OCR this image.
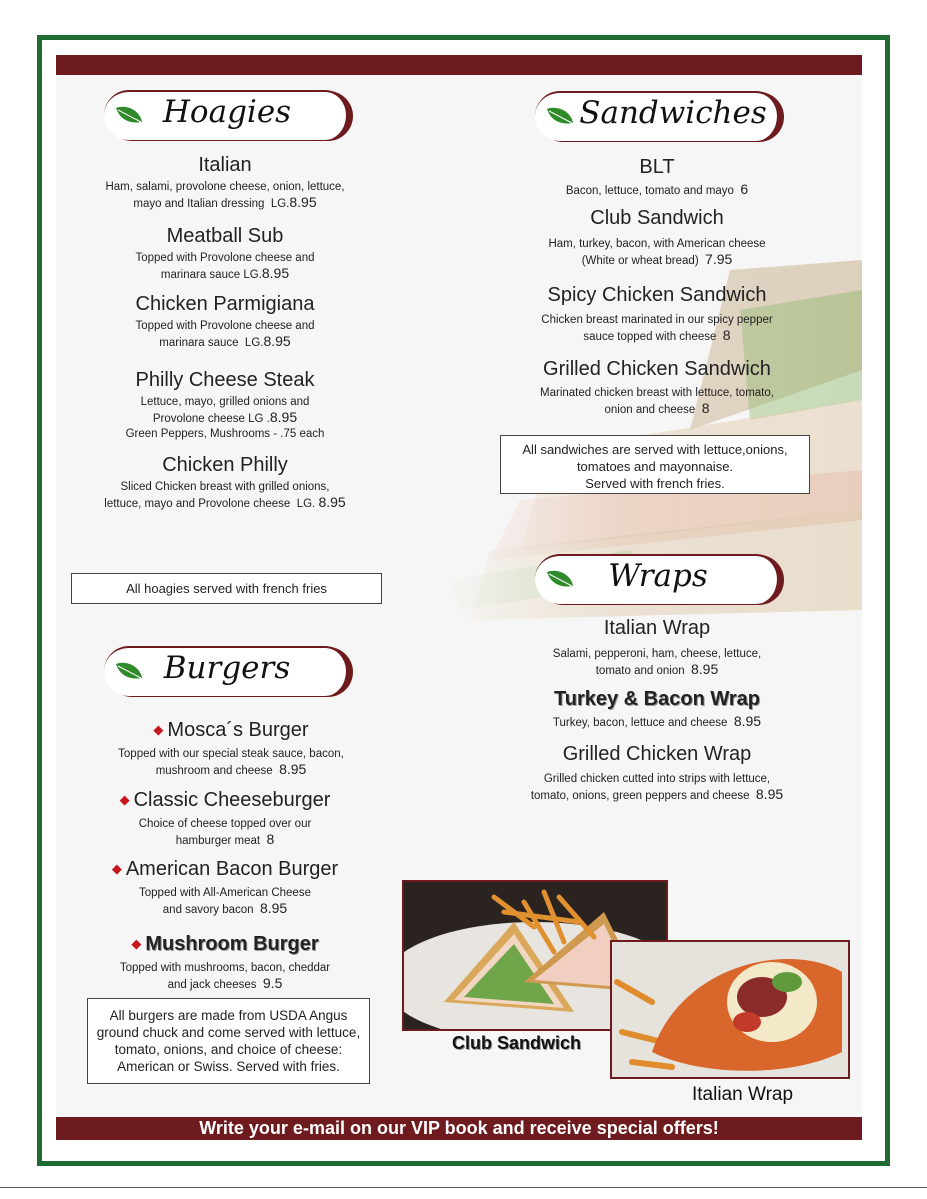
Hoagies
Italian
Ham, salami, provolone cheese, onion, lettuce,
mayo and Italian dressing LG.8.95
Meatball Sub
Topped with Provolone cheese and
marinara sauce LG.8.95
Chicken Parmigiana
Topped with Provolone cheese and
marinara sauce LG.8.95
Philly Cheese Steak
Lettuce, mayo, grilled onions and
Provolone cheese LG .8.95
Green Peppers, Mushrooms - .75 each
Chicken Philly
Sliced Chicken breast with grilled onions,
lettuce, mayo and Provolone cheese LG. 8.95
All hoagies served with french fries
Burgers
◆ Mosca´s Burger
Topped with our special steak sauce, bacon,
mushroom and cheese 8.95
◆ Classic Cheeseburger
Choice of cheese topped over our
hamburger meat 8
◆ American Bacon Burger
Topped with All-American Cheese
and savory bacon 8.95
◆ Mushroom Burger
Topped with mushrooms, bacon, cheddar
and jack cheeses 9.5
All burgers are made from USDA Angus ground chuck and come served with lettuce, tomato, onions, and choice of cheese: American or Swiss. Served with fries.
Sandwiches
BLT
Bacon, lettuce, tomato and mayo 6
Club Sandwich
Ham, turkey, bacon, with American cheese
(White or wheat bread) 7.95
Spicy Chicken Sandwich
Chicken breast marinated in our spicy pepper
sauce topped with cheese 8
Grilled Chicken Sandwich
Marinated chicken breast with lettuce, tomato,
onion and cheese 8
All sandwiches are served with lettuce,onions,
tomatoes and mayonnaise.
Served with french fries.
Wraps
Italian Wrap
Salami, pepperoni, ham, cheese, lettuce,
tomato and onion 8.95
Turkey & Bacon Wrap
Turkey, bacon, lettuce and cheese 8.95
Grilled Chicken Wrap
Grilled chicken cutted into strips with lettuce,
tomato, onions, green peppers and cheese 8.95
Club Sandwich
Italian Wrap
Write your e-mail on our VIP book and receive special offers!
